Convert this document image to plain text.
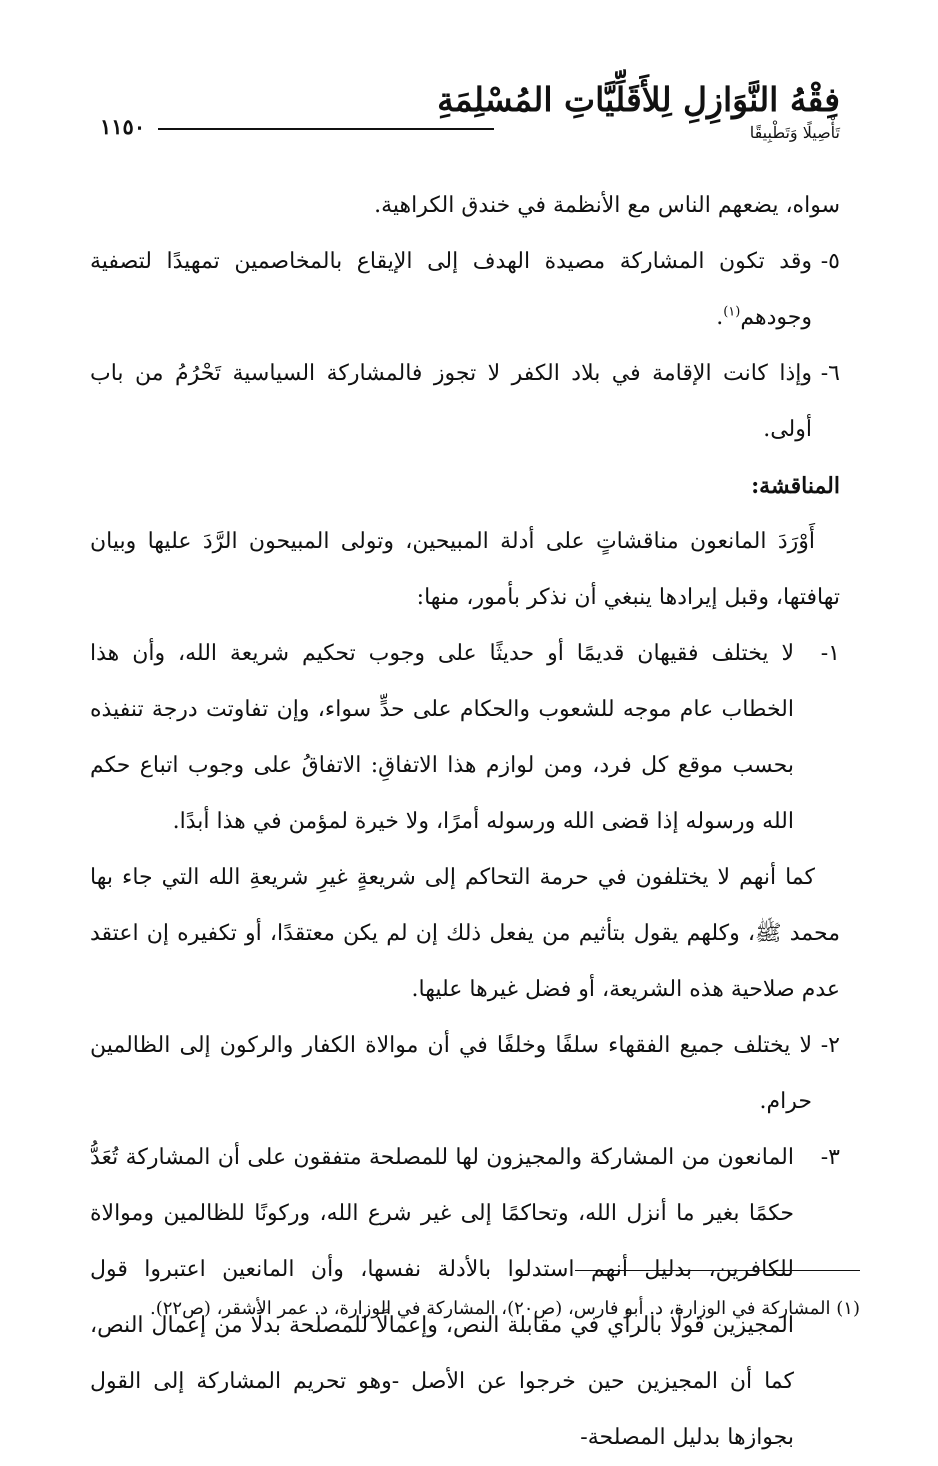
١١٥٠
فِقْهُ النَّوَازِلِ لِلأَقَلِّيَّاتِ المُسْلِمَةِ
تَأْصِيلًا وَتَطْبِيقًا

سواه، يضعهم الناس مع الأنظمة في خندق الكراهية.

٥-
وقد تكون المشاركة مصيدة الهدف إلى الإيقاع بالمخاصمين تمهيدًا لتصفية وجودهم$^{(١)}$.

٦-
وإذا كانت الإقامة في بلاد الكفر لا تجوز فالمشاركة السياسية تَحْرُمُ من باب أولى.

المناقشة:

أَوْرَدَ المانعون مناقشاتٍ على أدلة المبيحين، وتولى المبيحون الرَّدَ عليها وبيان تهافتها، وقبل إيرادها ينبغي أن نذكر بأمور، منها:

١-
لا يختلف فقيهان قديمًا أو حديثًا على وجوب تحكيم شريعة الله، وأن هذا الخطاب عام موجه للشعوب والحكام على حدٍّ سواء، وإن تفاوتت درجة تنفيذه بحسب موقع كل فرد، ومن لوازم هذا الاتفاقِ: الاتفاقُ على وجوب اتباع حكم الله ورسوله إذا قضى الله ورسوله أمرًا، ولا خيرة لمؤمن في هذا أبدًا.

كما أنهم لا يختلفون في حرمة التحاكم إلى شريعةٍ غيرِ شريعةِ الله التي جاء بها محمد ﷺ، وكلهم يقول بتأثيم من يفعل ذلك إن لم يكن معتقدًا، أو تكفيره إن اعتقد عدم صلاحية هذه الشريعة، أو فضل غيرها عليها.

٢-
لا يختلف جميع الفقهاء سلفًا وخلفًا في أن موالاة الكفار والركون إلى الظالمين حرام.

٣-
المانعون من المشاركة والمجيزون لها للمصلحة متفقون على أن المشاركة تُعَدُّ حكمًا بغير ما أنزل الله، وتحاكمًا إلى غير شرع الله، وركونًا للظالمين وموالاة للكافرين، بدليل أنهم استدلوا بالأدلة نفسها، وأن المانعين اعتبروا قول المجيزين قولًا بالرأي في مقابلة النص، وإعمالًا للمصلحة بدلًا من إعمال النص، كما أن المجيزين حين خرجوا عن الأصل -وهو تحريم المشاركة إلى القول بجوازها بدليل المصلحة-

(١) المشاركة في الوزارة، د. أبو فارس، (ص٢٠)، المشاركة في الوزارة، د. عمر الأشقر، (ص٢٢).
